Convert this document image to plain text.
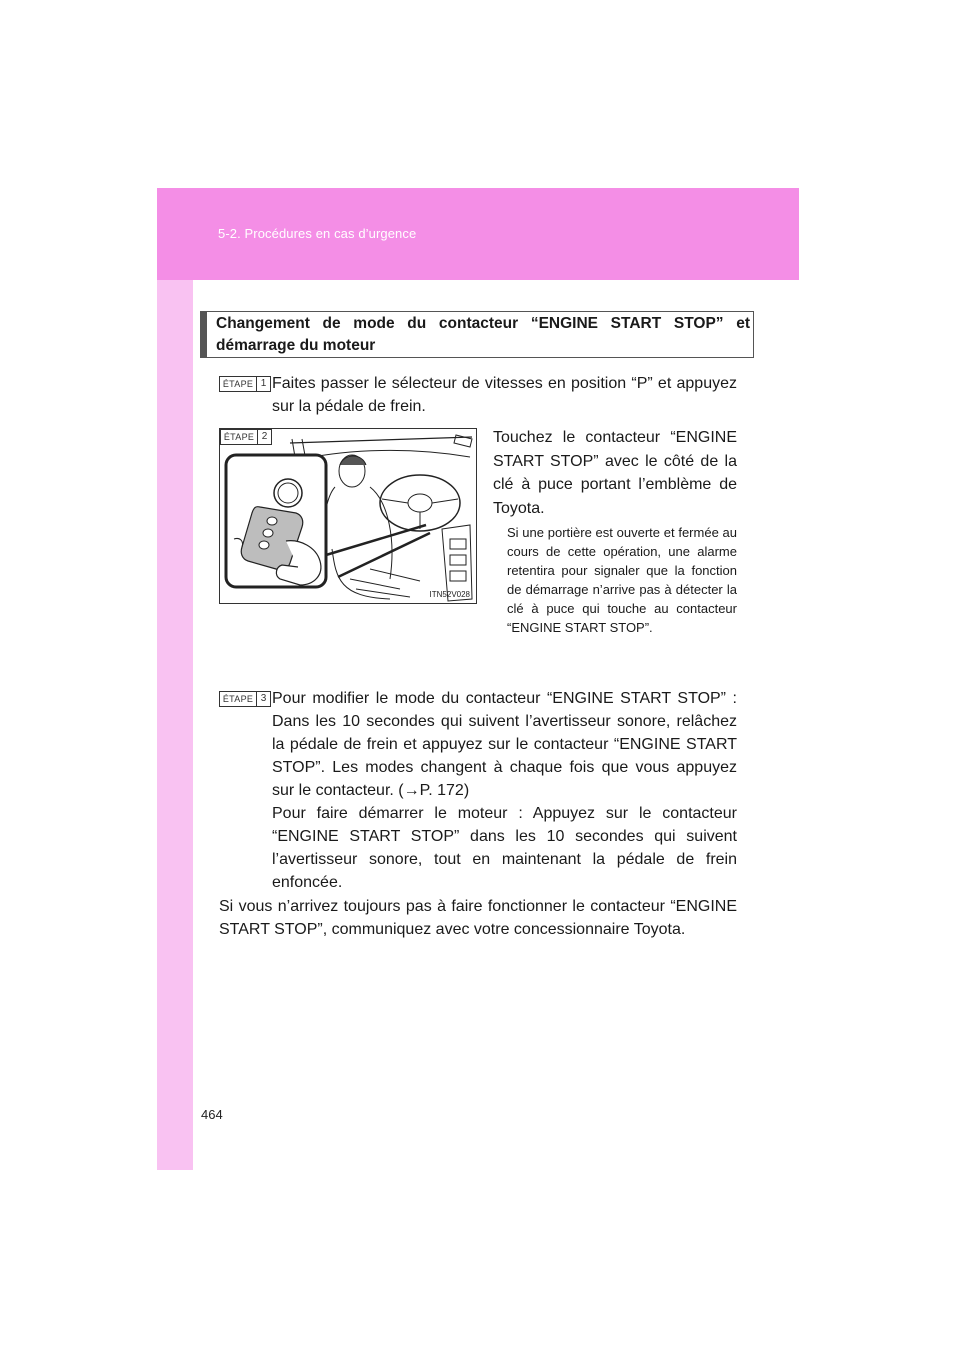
5-2. Procédures en cas d’urgence

Changement de mode du contacteur “ENGINE START STOP” et démarrage du moteur

ÉTAPE 1 Faites passer le sélecteur de vitesses en position “P” et appuyez sur la pédale de frein.

ÉTAPE 2
ITN52V028

Touchez le contacteur “ENGINE START STOP” avec le côté de la clé à puce portant l’emblème de Toyota.

Si une portière est ouverte et fermée au cours de cette opération, une alarme retentira pour signaler que la fonction de démarrage n’arrive pas à détecter la clé à puce qui touche au contacteur “ENGINE START STOP”.

ÉTAPE 3 Pour modifier le mode du contacteur “ENGINE START STOP” : Dans les 10 secondes qui suivent l’avertisseur sonore, relâchez la pédale de frein et appuyez sur le contacteur “ENGINE START STOP”. Les modes changent à chaque fois que vous appuyez sur le contacteur. (→P. 172)

Pour faire démarrer le moteur : Appuyez sur le contacteur “ENGINE START STOP” dans les 10 secondes qui suivent l’avertisseur sonore, tout en maintenant la pédale de frein enfoncée.

Si vous n’arrivez toujours pas à faire fonctionner le contacteur “ENGINE START STOP”, communiquez avec votre concessionnaire Toyota.

464
